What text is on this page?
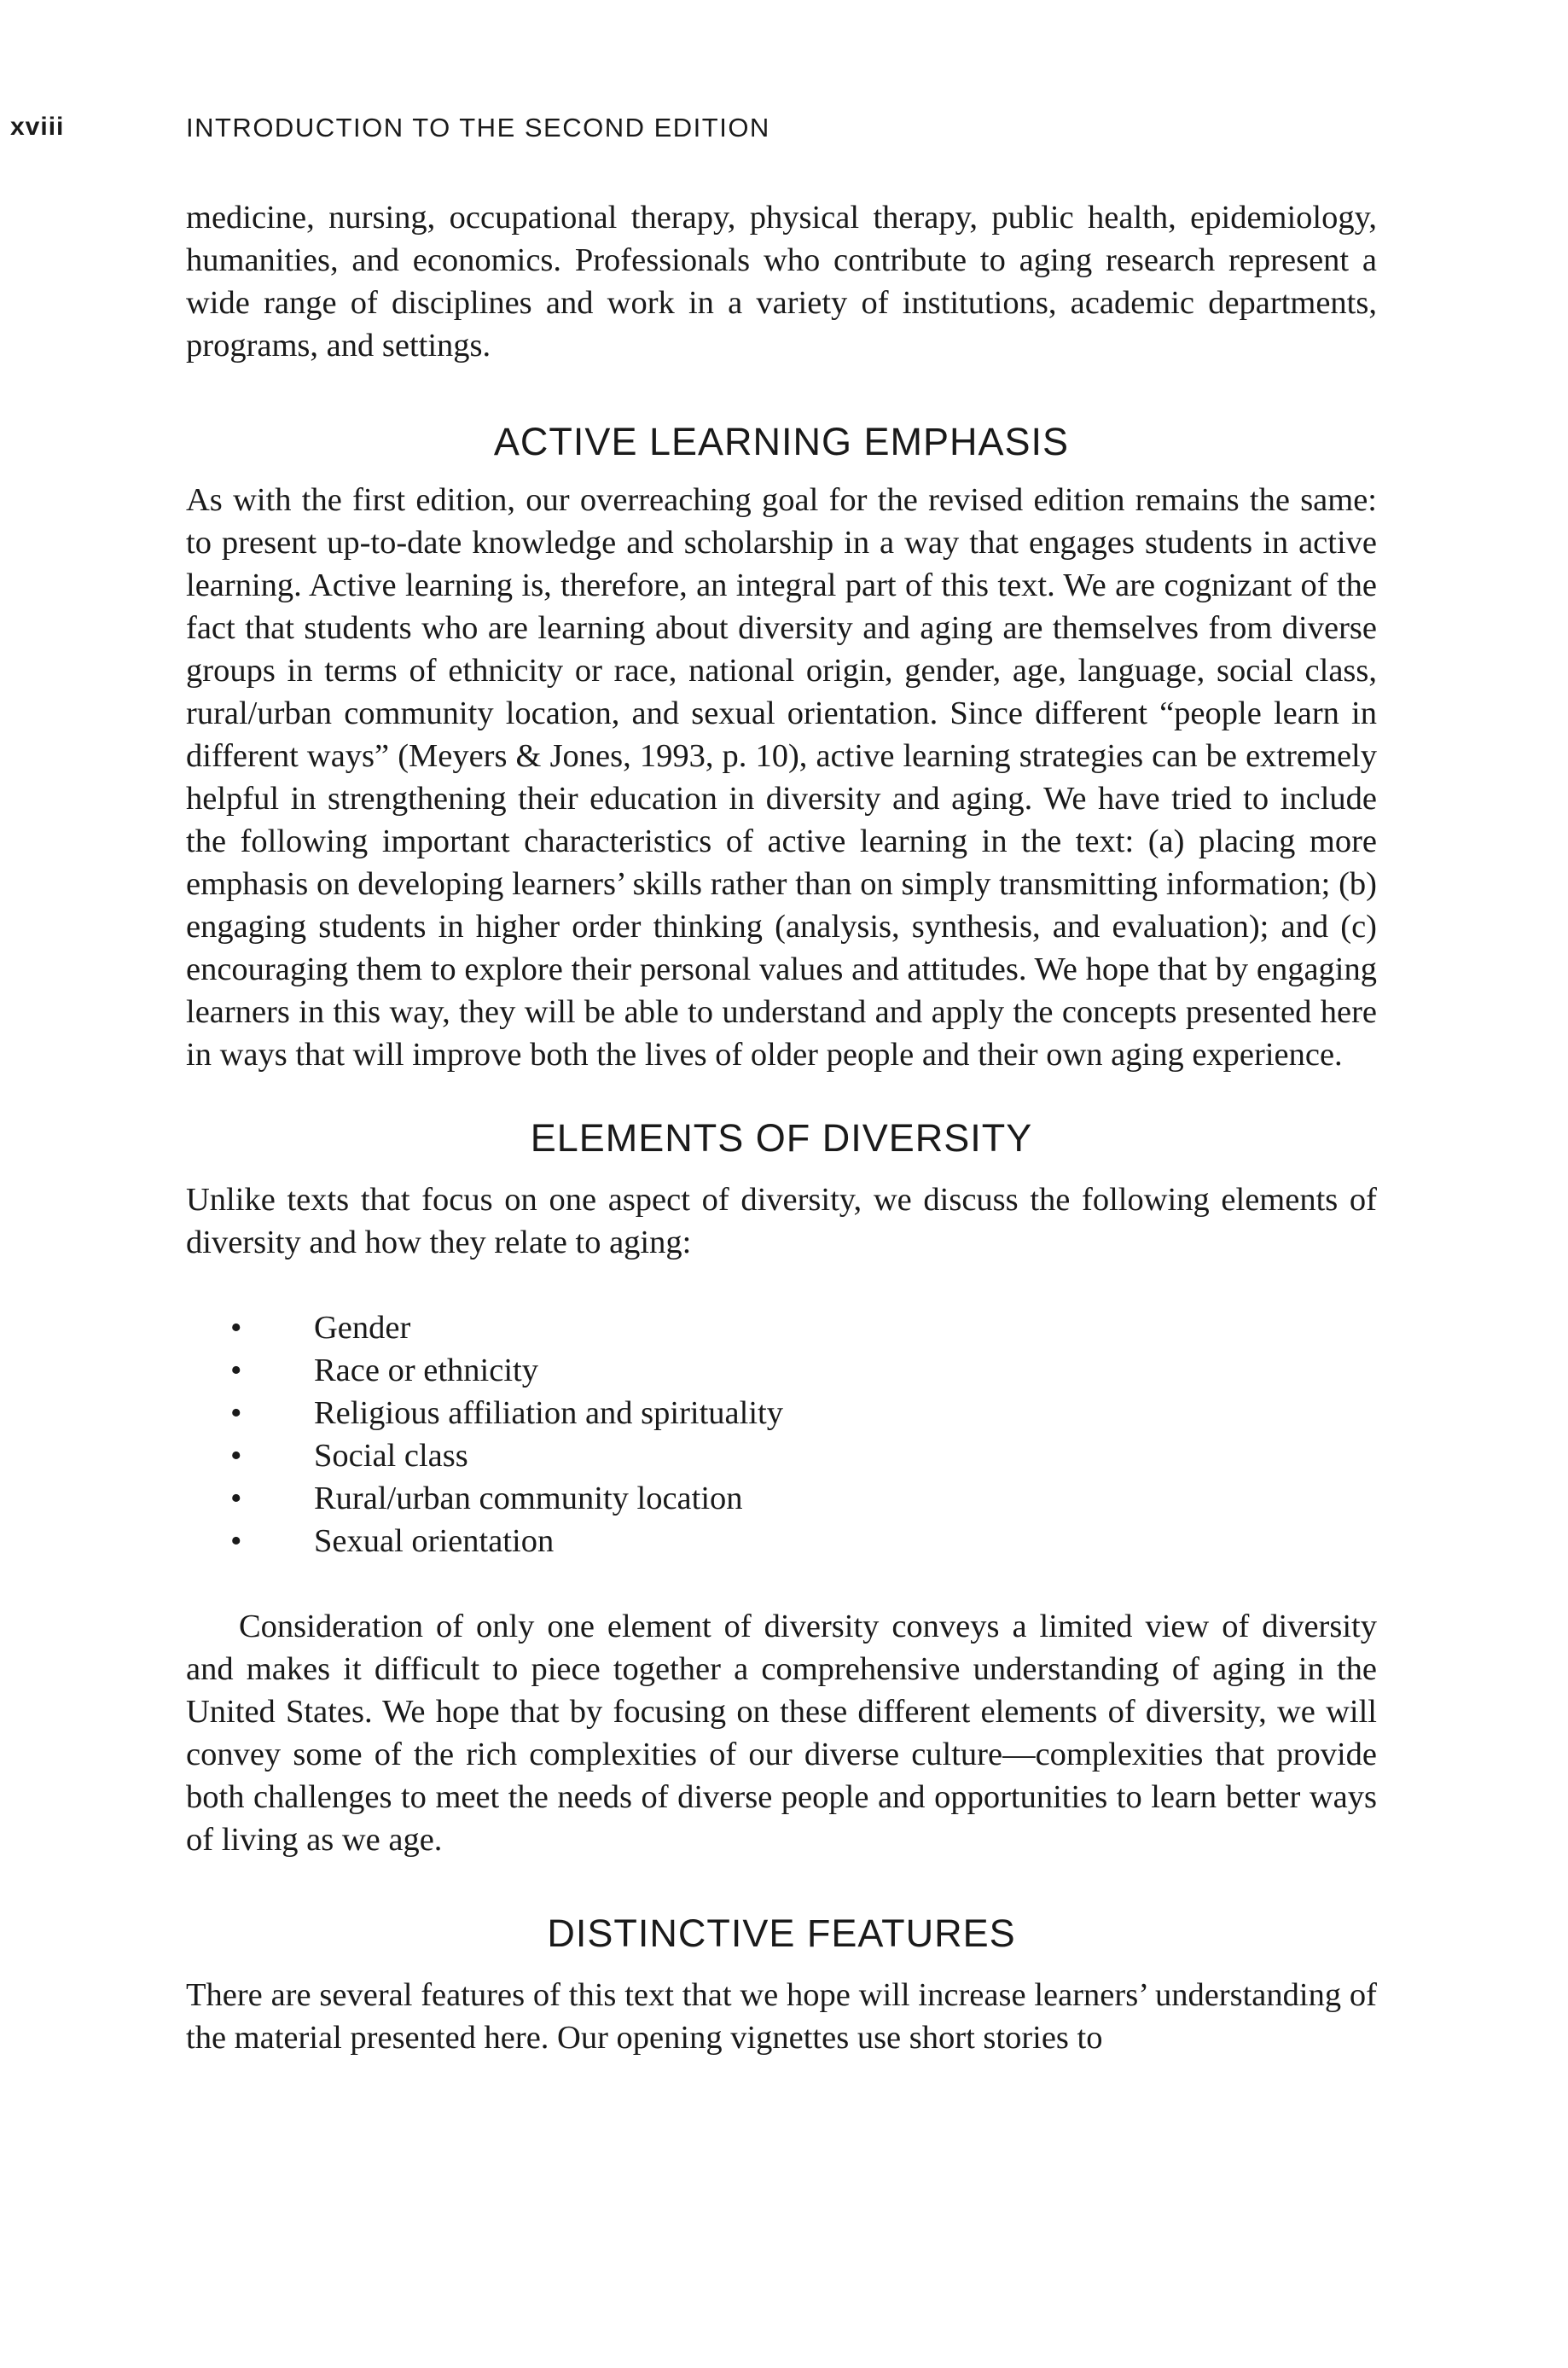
xviii	INTRODUCTION TO THE SECOND EDITION

medicine, nursing, occupational therapy, physical therapy, public health, epidemiology, humanities, and economics. Professionals who contribute to aging research represent a wide range of disciplines and work in a variety of institutions, academic departments, programs, and settings.

ACTIVE LEARNING EMPHASIS

As with the first edition, our overreaching goal for the revised edition remains the same: to present up-to-date knowledge and scholarship in a way that engages students in active learning. Active learning is, therefore, an integral part of this text. We are cognizant of the fact that students who are learning about diversity and aging are themselves from diverse groups in terms of ethnicity or race, national origin, gender, age, language, social class, rural/urban community location, and sexual orientation. Since different “people learn in different ways” (Meyers & Jones, 1993, p. 10), active learning strategies can be extremely helpful in strengthening their education in diversity and aging. We have tried to include the following important characteristics of active learning in the text: (a) placing more emphasis on developing learners’ skills rather than on simply transmitting information; (b) engaging students in higher order thinking (analysis, synthesis, and evaluation); and (c) encouraging them to explore their personal values and attitudes. We hope that by engaging learners in this way, they will be able to understand and apply the concepts presented here in ways that will improve both the lives of older people and their own aging experience.

ELEMENTS OF DIVERSITY

Unlike texts that focus on one aspect of diversity, we discuss the following elements of diversity and how they relate to aging:

• Gender
• Race or ethnicity
• Religious affiliation and spirituality
• Social class
• Rural/urban community location
• Sexual orientation

Consideration of only one element of diversity conveys a limited view of diversity and makes it difficult to piece together a comprehensive understanding of aging in the United States. We hope that by focusing on these different elements of diversity, we will convey some of the rich complexities of our diverse culture—complexities that provide both challenges to meet the needs of diverse people and opportunities to learn better ways of living as we age.

DISTINCTIVE FEATURES

There are several features of this text that we hope will increase learners’ understanding of the material presented here. Our opening vignettes use short stories to
